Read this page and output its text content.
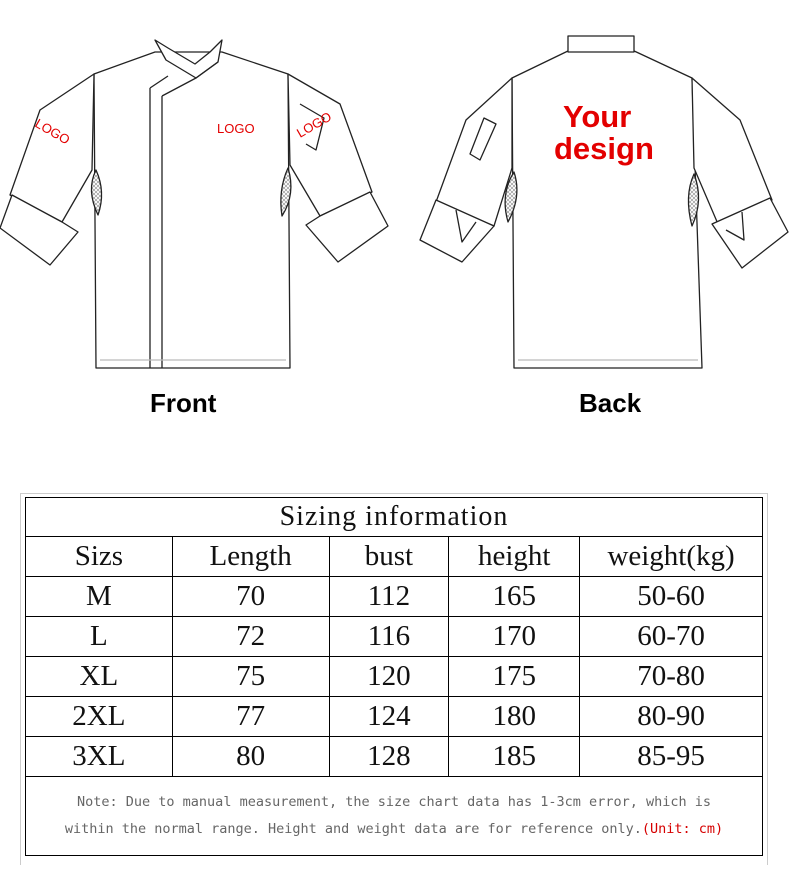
LOGO
LOGO	LOGO	Your
design
Front	Back
Sizing information				
Sizs	Length	bust	height	weight(kg)
M	70	112	165	50-60
L	72	116	170	60-70
XL	75	120	175	70-80
2XL	77	124	180	80-90
3XL	80	128	185	85-95
Note: Due to manual measurement, the size chart data has 1-3cm error, which is
within the normal range. Height and weight data are for reference only.(Unit: cm)				
